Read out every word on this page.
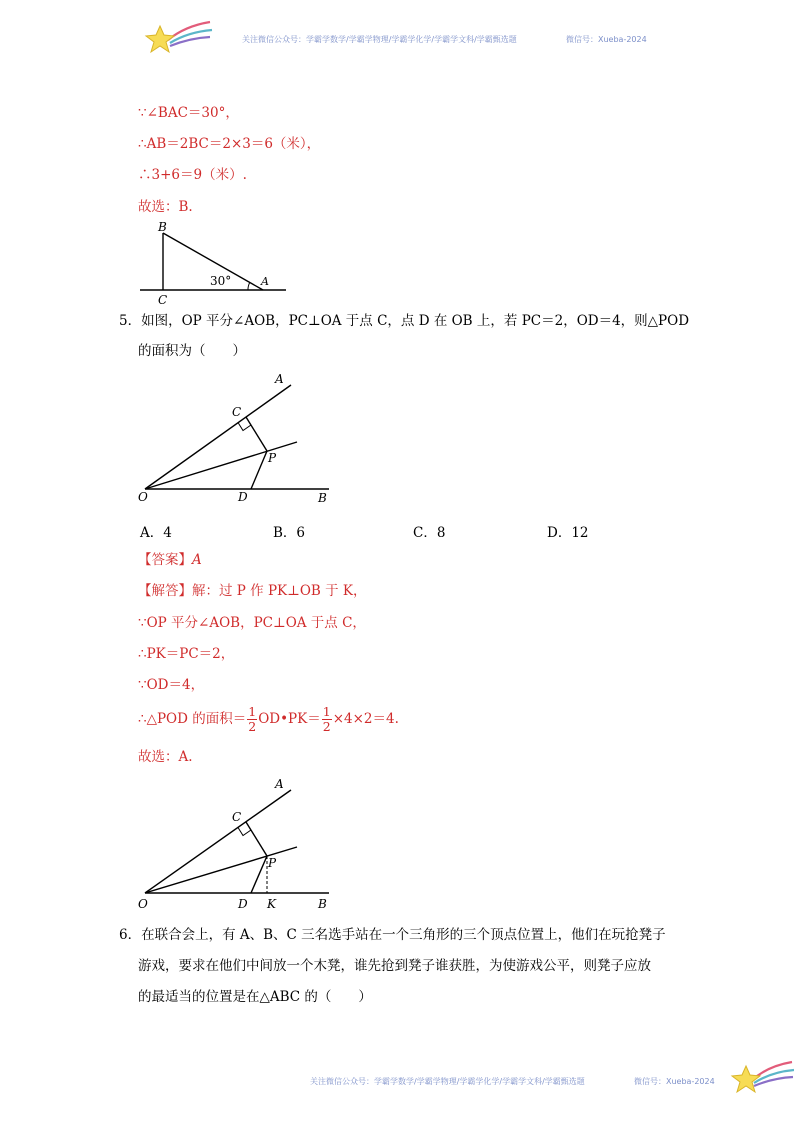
关注微信公众号：学霸学数学/学霸学物理/学霸学化学/学霸学文科/学霸甄选题	微信号：Xueba-2024
∵∠BAC＝30°，
∴AB＝2BC＝2×3＝6（米），
∴3+6＝9（米）.
故选：B.
B
C
A
30°
5．如图，OP 平分∠AOB，PC⊥OA 于点 C，点 D 在 OB 上，若 PC＝2，OD＝4，则△POD
的面积为（　　）
A
C
P
O	D	B
A．4	B．6	C．8	D．12
【答案】A
【解答】解：过 P 作 PK⊥OB 于 K，
∵OP 平分∠AOB，PC⊥OA 于点 C，
∴PK＝PC＝2，
∵OD＝4，
∴△POD 的面积＝ $\frac{1}{2}$ OD•PK＝ $\frac{1}{2} \times 4\times 2=4$.
故选：A.
A
C
P
O	D K	B
6．在联合会上，有 A、B、C 三名选手站在一个三角形的三个顶点位置上，他们在玩抢凳子
游戏，要求在他们中间放一个木凳，谁先抢到凳子谁获胜，为使游戏公平，则凳子应放
的最适当的位置是在△ABC 的（　　）
关注微信公众号：学霸学数学/学霸学物理/学霸学化学/学霸学文科/学霸甄选题	微信号：Xueba-2024
